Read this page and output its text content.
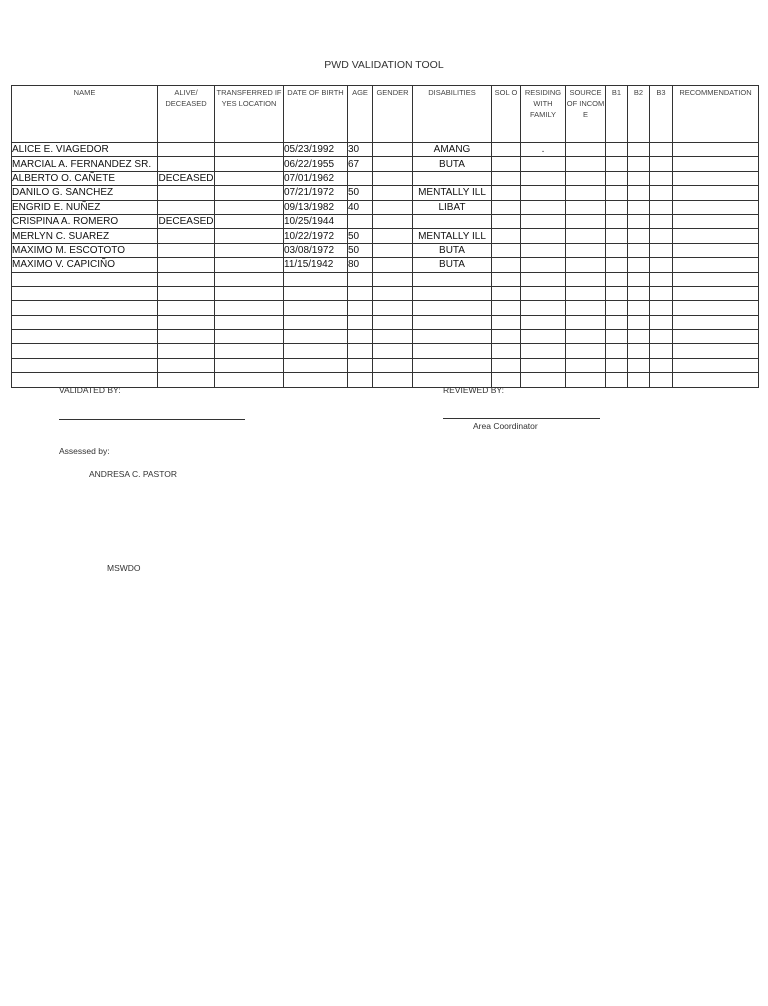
PWD VALIDATION TOOL
NAME	ALIVE/ DECEASED	TRANSFERRED IF YES LOCATION	DATE OF BIRTH	AGE	GENDER	DISABILITIES	SOL O	RESIDING WITH FAMILY	SOURCE OF INCOM E	B1	B2	B3	RECOMMENDATION
ALICE E. VIAGEDOR			05/23/1992	30		AMANG		.					
MARCIAL A. FERNANDEZ SR.			06/22/1955	67		BUTA							
ALBERTO O. CAÑETE	DECEASED		07/01/1962										
DANILO G. SANCHEZ			07/21/1972	50		MENTALLY ILL							
ENGRID E. NUÑEZ			09/13/1982	40		LIBAT							
CRISPINA A. ROMERO	DECEASED		10/25/1944										
MERLYN C. SUAREZ			10/22/1972	50		MENTALLY ILL							
MAXIMO M. ESCOTOTO			03/08/1972	50		BUTA							
MAXIMO V. CAPICIÑO			11/15/1942	80		BUTA							

VALIDATED BY:	REVIEWED BY:
Area Coordinator
Assessed by:
ANDRESA C. PASTOR
MSWDO
